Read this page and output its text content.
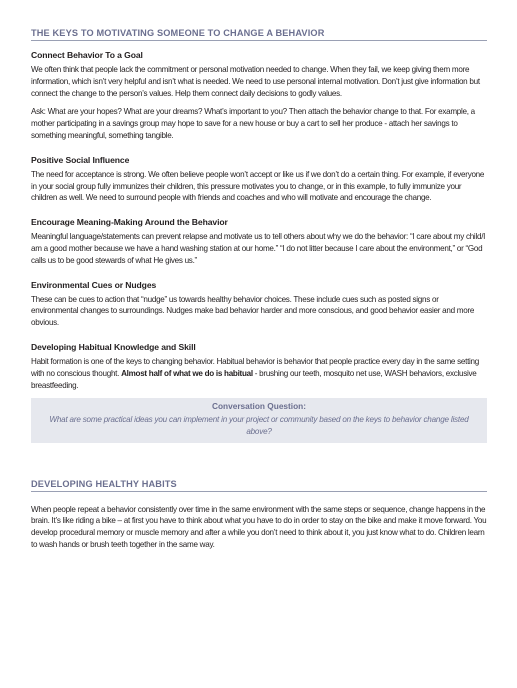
THE KEYS TO MOTIVATING SOMEONE TO CHANGE A BEHAVIOR
Connect Behavior To a Goal

We often think that people lack the commitment or personal motivation needed to change. When they fail, we keep giving them more information, which isn’t very helpful and isn’t what is needed. We need to use personal internal motivation. Don’t just give information but connect the change to the person’s values. Help them connect daily decisions to godly values.

Ask: What are your hopes? What are your dreams? What’s important to you? Then attach the behavior change to that. For example, a mother participating in a savings group may hope to save for a new house or buy a cart to sell her produce - attach her savings to something meaningful, something tangible.

Positive Social Influence

The need for acceptance is strong. We often believe people won’t accept or like us if we don’t do a certain thing. For example, if everyone in your social group fully immunizes their children, this pressure motivates you to change, or in this example, to fully immunize your children as well. We need to surround people with friends and coaches and who will motivate and encourage the change.

Encourage Meaning-Making Around the Behavior

Meaningful language/statements can prevent relapse and motivate us to tell others about why we do the behavior: “I care about my child/I am a good mother because we have a hand washing station at our home.” “I do not litter because I care about the environment,” or “God calls us to be good stewards of what He gives us.”

Environmental Cues or Nudges

These can be cues to action that “nudge” us towards healthy behavior choices. These include cues such as posted signs or environmental changes to surroundings. Nudges make bad behavior harder and more conscious, and good behavior easier and more obvious.

Developing Habitual Knowledge and Skill

Habit formation is one of the keys to changing behavior. Habitual behavior is behavior that people practice every day in the same setting with no conscious thought. Almost half of what we do is habitual - brushing our teeth, mosquito net use, WASH behaviors, exclusive breastfeeding.

Conversation Question:
What are some practical ideas you can implement in your project or community based on the keys to behavior change listed above?
DEVELOPING HEALTHY HABITS

When people repeat a behavior consistently over time in the same environment with the same steps or sequence, change happens in the brain. It’s like riding a bike – at first you have to think about what you have to do in order to stay on the bike and make it move forward. You develop procedural memory or muscle memory and after a while you don’t need to think about it, you just know what to do. Children learn to wash hands or brush teeth together in the same way.
